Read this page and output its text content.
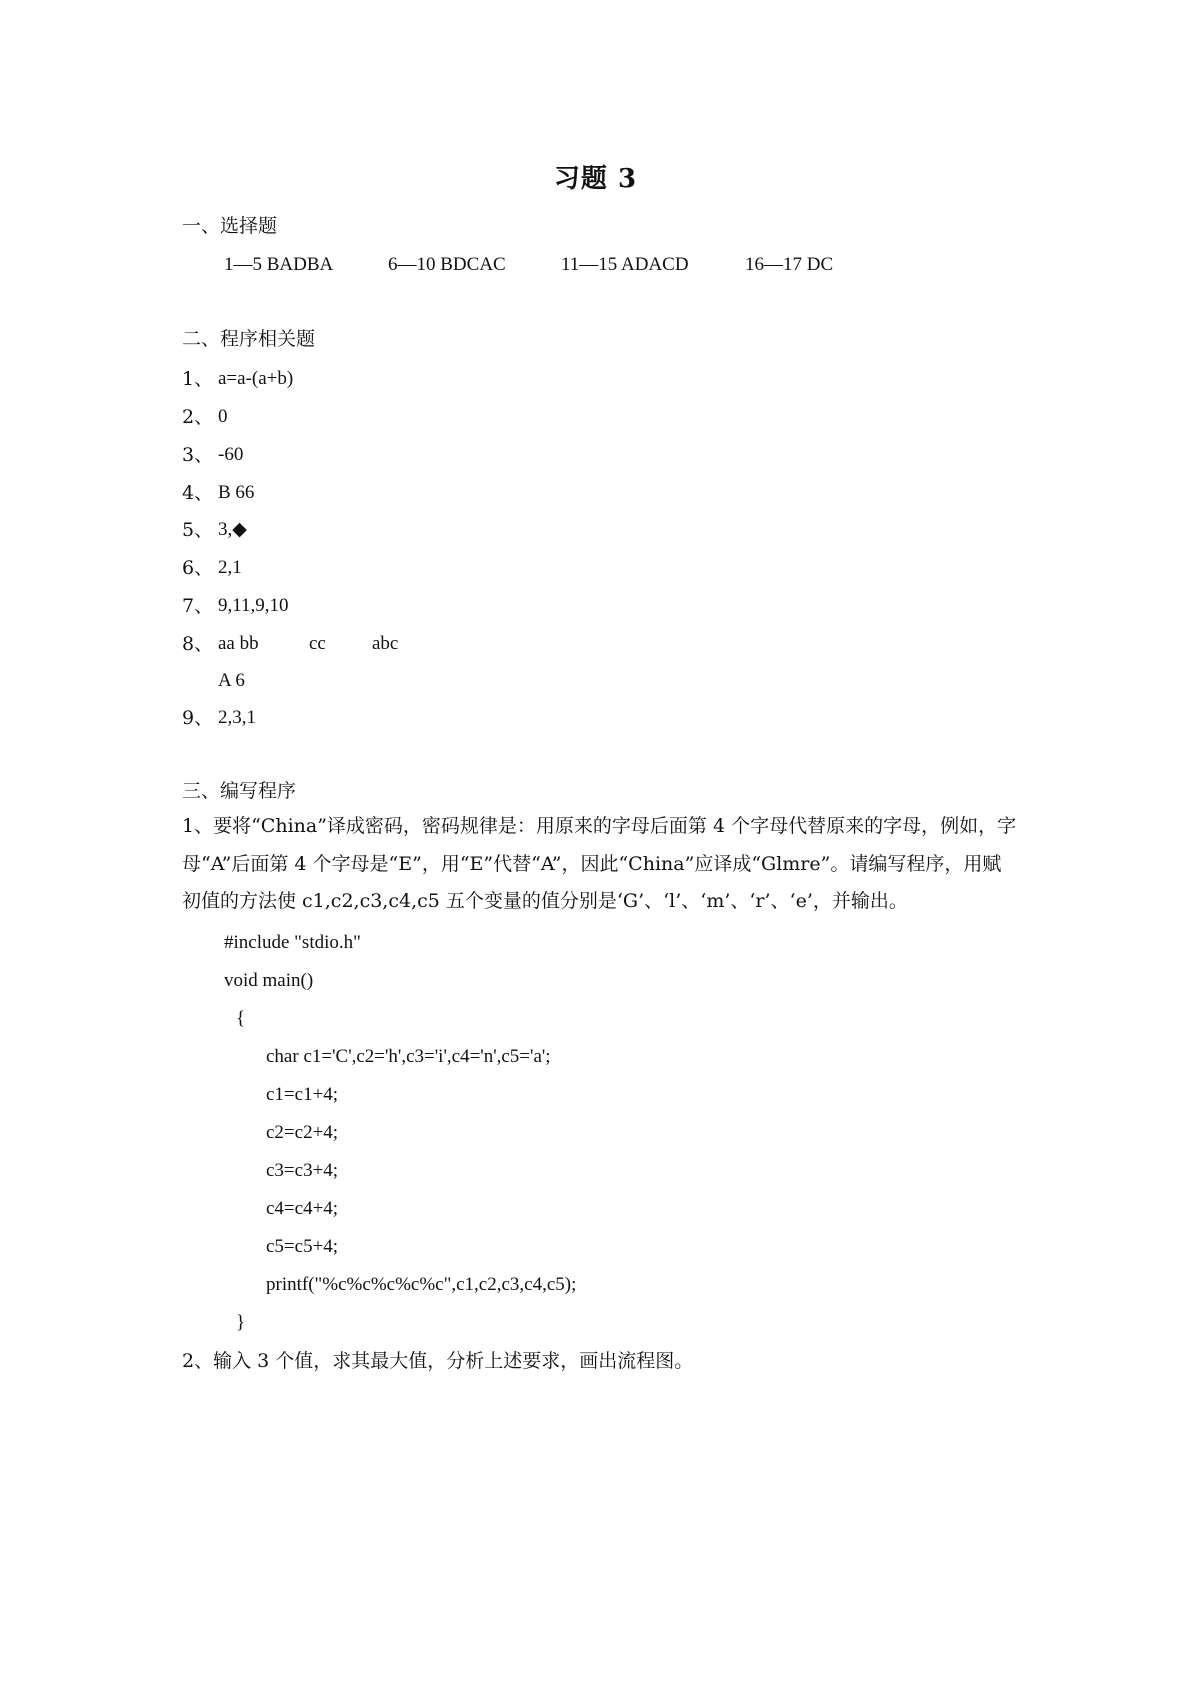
习题 3
一、选择题
1—5 BADBA	6—10 BDCAC	11—15 ADACD	16—17 DC
二、程序相关题
1、 a=a-(a+b)
2、 0
3、 -60
4、 B 66
5、 3,◆
6、 2,1
7、 9,11,9,10
8、 aa bb	cc abc
A 6
9、 2,3,1
三、编写程序
1、要将“China”译成密码，密码规律是：用原来的字母后面第 4 个字母代替原来的字母，例如，字母“A”后面第 4 个字母是“E”，用“E”代替“A”，因此“China”应译成“Glmre”。请编写程序，用赋初值的方法使 c1,c2,c3,c4,c5 五个变量的值分别是‘G’、‘l’、‘m’、‘r’、‘e’，并输出。
#include "stdio.h"
void main()
{
char c1='C',c2='h',c3='i',c4='n',c5='a';
c1=c1+4;
c2=c2+4;
c3=c3+4;
c4=c4+4;
c5=c5+4;
printf("%c%c%c%c%c",c1,c2,c3,c4,c5);
}
2、输入 3 个值，求其最大值，分析上述要求，画出流程图。
